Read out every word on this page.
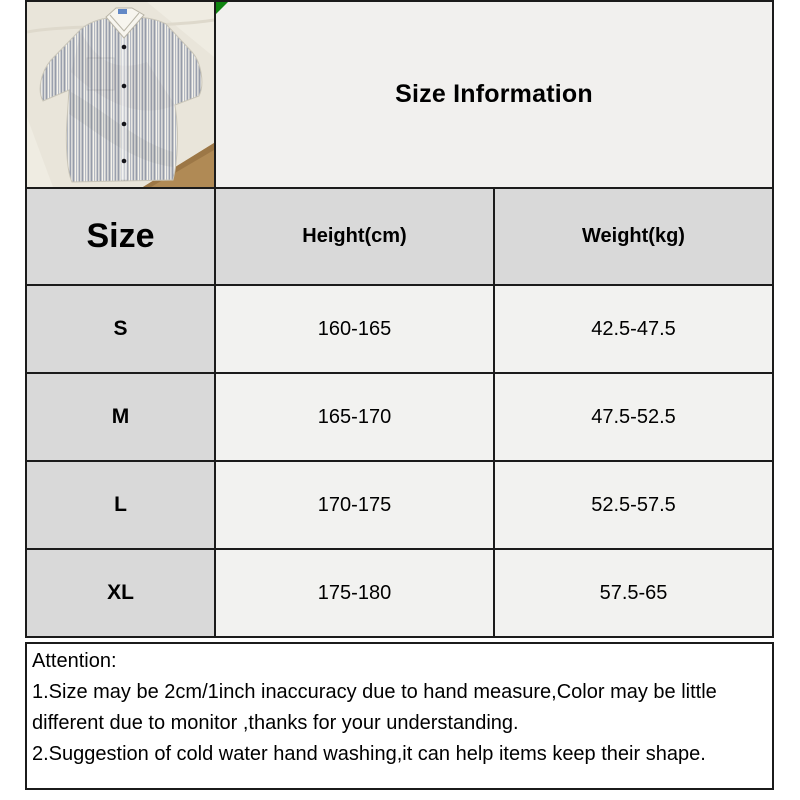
Size Information
Size	Height(cm)	Weight(kg)
S	160-165	42.5-47.5
M	165-170	47.5-52.5
L	170-175	52.5-57.5
XL	175-180	57.5-65
Attention:
1.Size may be 2cm/1inch inaccuracy due to hand measure,Color may be little
different due to monitor ,thanks for your understanding.
2.Suggestion of cold water hand washing,it can help items keep their shape.
